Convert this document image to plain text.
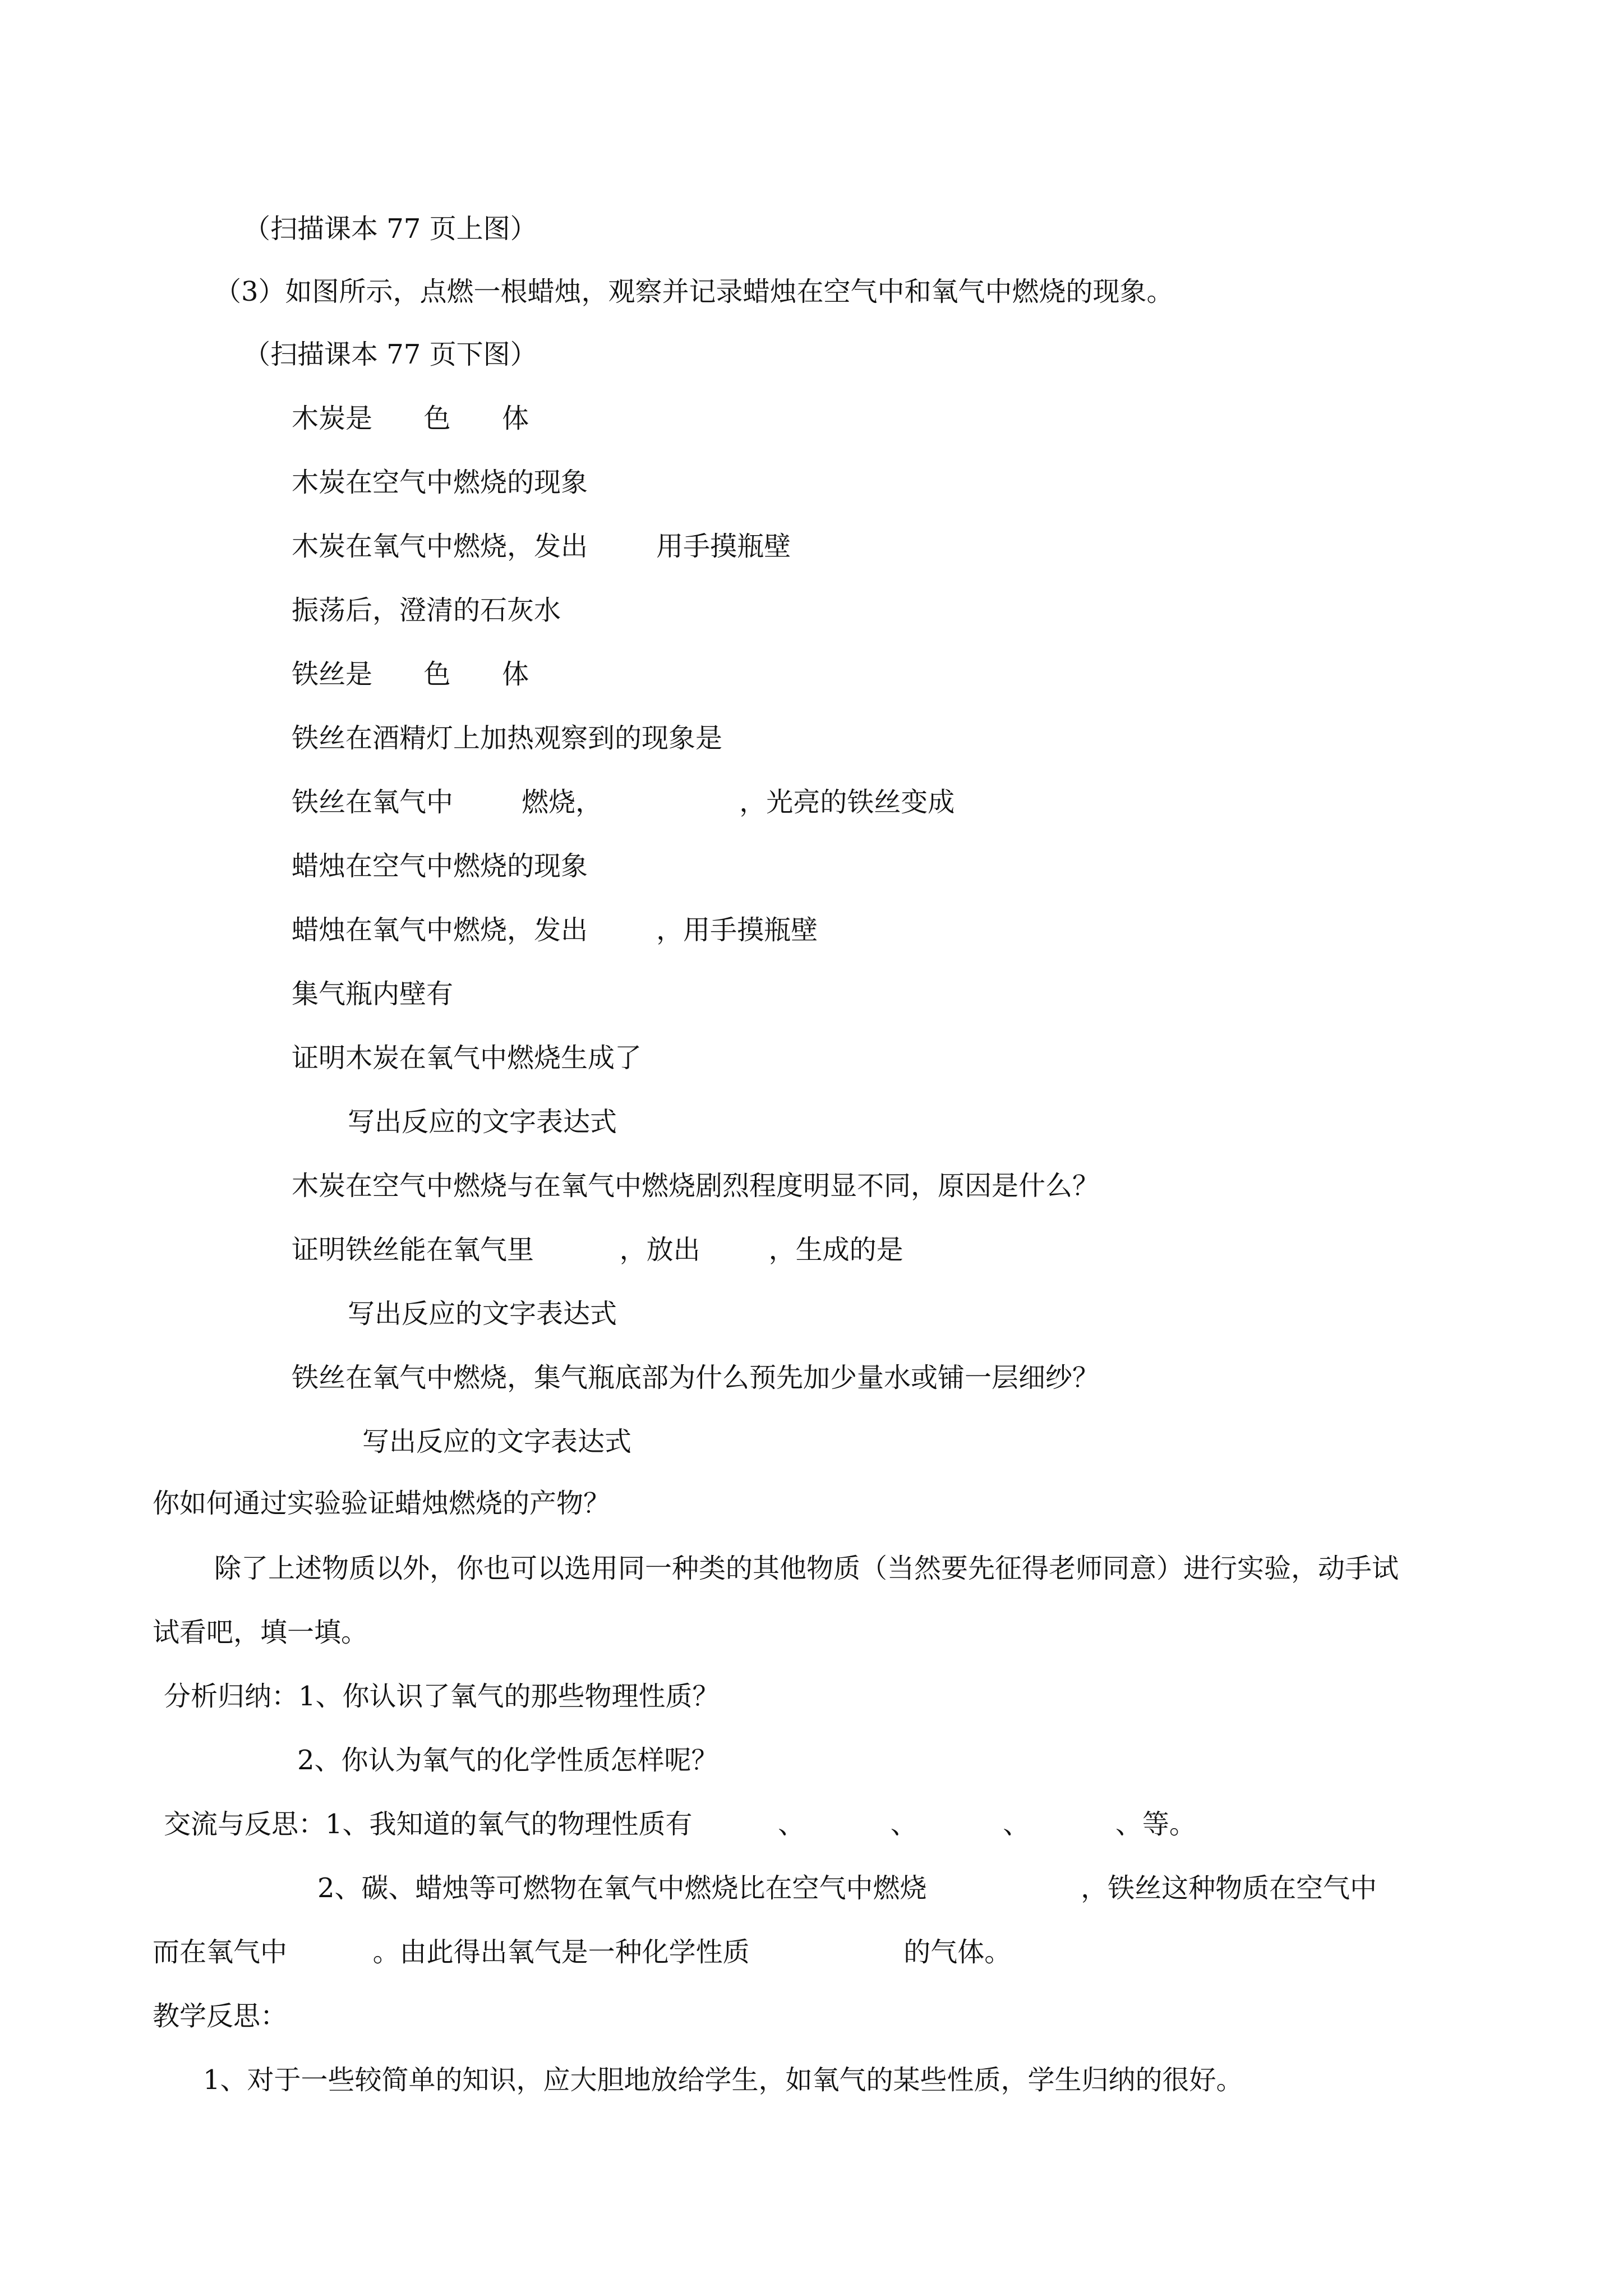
（扫描课本 77 页上图）

（3）如图所示，点燃一根蜡烛，观察并记录蜡烛在空气中和氧气中燃烧的现象。

（扫描课本 77 页下图）

木炭是      色      体

木炭在空气中燃烧的现象

木炭在氧气中燃烧，发出        用手摸瓶壁

振荡后，澄清的石灰水

铁丝是      色      体

铁丝在酒精灯上加热观察到的现象是

铁丝在氧气中        燃烧，                ，光亮的铁丝变成

蜡烛在空气中燃烧的现象

蜡烛在氧气中燃烧，发出        ，用手摸瓶壁

集气瓶内壁有

证明木炭在氧气中燃烧生成了

写出反应的文字表达式

木炭在空气中燃烧与在氧气中燃烧剧烈程度明显不同，原因是什么？

证明铁丝能在氧气里          ，放出        ，生成的是

写出反应的文字表达式

铁丝在氧气中燃烧，集气瓶底部为什么预先加少量水或铺一层细纱？

写出反应的文字表达式

你如何通过实验验证蜡烛燃烧的产物？

除了上述物质以外，你也可以选用同一种类的其他物质（当然要先征得老师同意）进行实验，动手试

试看吧，填一填。

分析归纳：1、你认识了氧气的那些物理性质？

2、你认为氧气的化学性质怎样呢？

交流与反思：1、我知道的氧气的物理性质有          、          、          、          、等。

2、碳、蜡烛等可燃物在氧气中燃烧比在空气中燃烧                  ，铁丝这种物质在空气中

而在氧气中          。由此得出氧气是一种化学性质                  的气体。

教学反思：

1、对于一些较简单的知识，应大胆地放给学生，如氧气的某些性质，学生归纳的很好。
